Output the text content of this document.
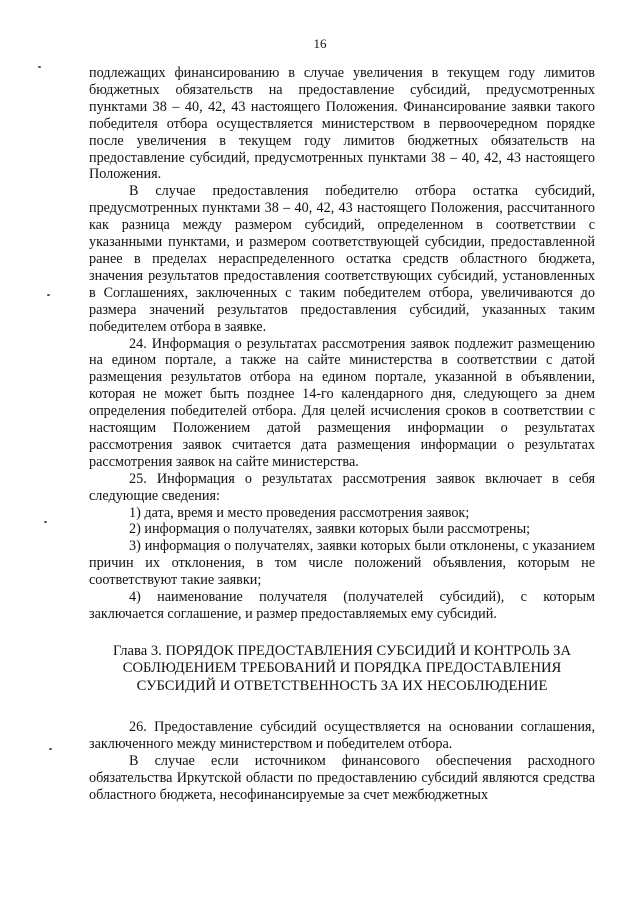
16

подлежащих финансированию в случае увеличения в текущем году лимитов бюджетных обязательств на предоставление субсидий, предусмотренных пунктами 38 – 40, 42, 43 настоящего Положения. Финансирование заявки такого победителя отбора осуществляется министерством в первоочередном порядке после увеличения в текущем году лимитов бюджетных обязательств на предоставление субсидий, предусмотренных пунктами 38 – 40, 42, 43 настоящего Положения.

В случае предоставления победителю отбора остатка субсидий, предусмотренных пунктами 38 – 40, 42, 43 настоящего Положения, рассчитанного как разница между размером субсидий, определенном в соответствии с указанными пунктами, и размером соответствующей субсидии, предоставленной ранее в пределах нераспределенного остатка средств областного бюджета, значения результатов предоставления соответствующих субсидий, установленных в Соглашениях, заключенных с таким победителем отбора, увеличиваются до размера значений результатов предоставления субсидий, указанных таким победителем отбора в заявке.

24. Информация о результатах рассмотрения заявок подлежит размещению на едином портале, а также на сайте министерства в соответствии с датой размещения результатов отбора на едином портале, указанной в объявлении, которая не может быть позднее 14-го календарного дня, следующего за днем определения победителей отбора. Для целей исчисления сроков в соответствии с настоящим Положением датой размещения информации о результатах рассмотрения заявок считается дата размещения информации о результатах рассмотрения заявок на сайте министерства.

25. Информация о результатах рассмотрения заявок включает в себя следующие сведения:

1) дата, время и место проведения рассмотрения заявок;

2) информация о получателях, заявки которых были рассмотрены;

3) информация о получателях, заявки которых были отклонены, с указанием причин их отклонения, в том числе положений объявления, которым не соответствуют такие заявки;

4) наименование получателя (получателей субсидий), с которым заключается соглашение, и размер предоставляемых ему субсидий.

Глава 3. ПОРЯДОК ПРЕДОСТАВЛЕНИЯ СУБСИДИЙ И КОНТРОЛЬ ЗА
СОБЛЮДЕНИЕМ ТРЕБОВАНИЙ И ПОРЯДКА ПРЕДОСТАВЛЕНИЯ
СУБСИДИЙ И ОТВЕТСТВЕННОСТЬ ЗА ИХ НЕСОБЛЮДЕНИЕ

26. Предоставление субсидий осуществляется на основании соглашения, заключенного между министерством и победителем отбора.

В случае если источником финансового обеспечения расходного обязательства Иркутской области по предоставлению субсидий являются средства областного бюджета, несофинансируемые за счет межбюджетных
